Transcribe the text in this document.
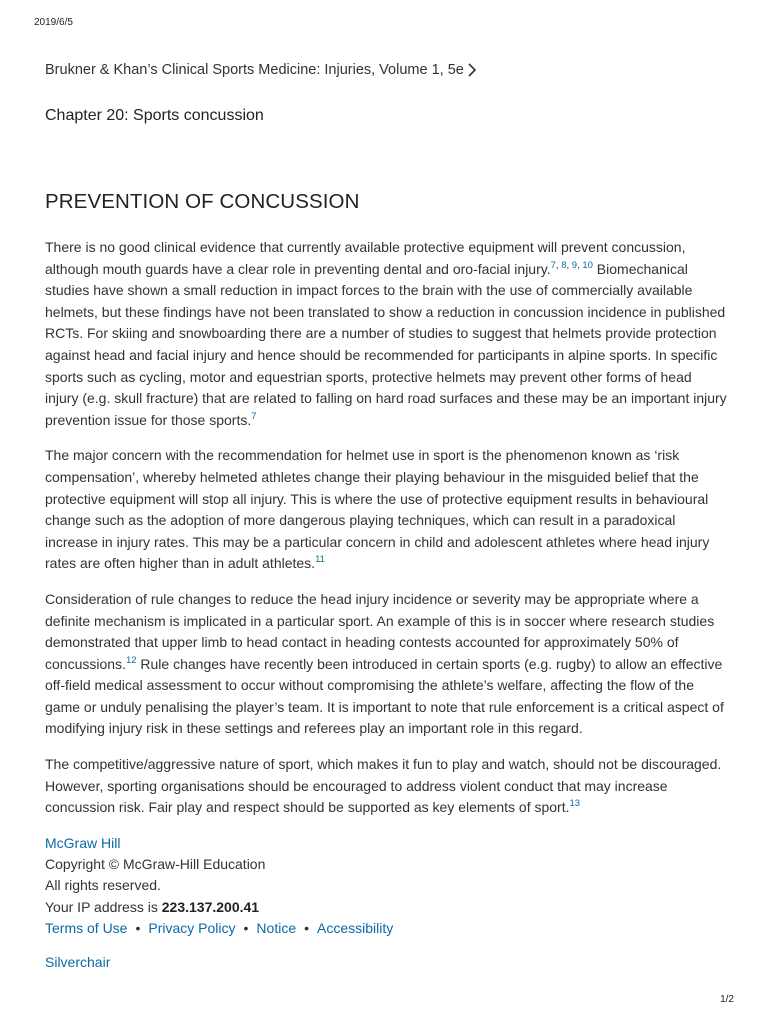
2019/6/5
Brukner & Khan’s Clinical Sports Medicine: Injuries, Volume 1, 5e
Chapter 20: Sports concussion
PREVENTION OF CONCUSSION

There is no good clinical evidence that currently available protective equipment will prevent concussion, although mouth guards have a clear role in preventing dental and oro-facial injury.$^{7, 8, 9, 10}$ Biomechanical studies have shown a small reduction in impact forces to the brain with the use of commercially available helmets, but these findings have not been translated to show a reduction in concussion incidence in published RCTs. For skiing and snowboarding there are a number of studies to suggest that helmets provide protection against head and facial injury and hence should be recommended for participants in alpine sports. In specific sports such as cycling, motor and equestrian sports, protective helmets may prevent other forms of head injury (e.g. skull fracture) that are related to falling on hard road surfaces and these may be an important injury prevention issue for those sports.$^7$

The major concern with the recommendation for helmet use in sport is the phenomenon known as ‘risk compensation’, whereby helmeted athletes change their playing behaviour in the misguided belief that the protective equipment will stop all injury. This is where the use of protective equipment results in behavioural change such as the adoption of more dangerous playing techniques, which can result in a paradoxical increase in injury rates. This may be a particular concern in child and adolescent athletes where head injury rates are often higher than in adult athletes.$^{11}$

Consideration of rule changes to reduce the head injury incidence or severity may be appropriate where a definite mechanism is implicated in a particular sport. An example of this is in soccer where research studies demonstrated that upper limb to head contact in heading contests accounted for approximately 50% of concussions.$^{12}$ Rule changes have recently been introduced in certain sports (e.g. rugby) to allow an effective off-field medical assessment to occur without compromising the athlete’s welfare, affecting the flow of the game or unduly penalising the player’s team. It is important to note that rule enforcement is a critical aspect of modifying injury risk in these settings and referees play an important role in this regard.

The competitive/aggressive nature of sport, which makes it fun to play and watch, should not be discouraged. However, sporting organisations should be encouraged to address violent conduct that may increase concussion risk. Fair play and respect should be supported as key elements of sport.$^{13}$

McGraw Hill
Copyright © McGraw-Hill Education
All rights reserved.
Your IP address is 223.137.200.41
Terms of Use • Privacy Policy • Notice • Accessibility
Silverchair
1/2
